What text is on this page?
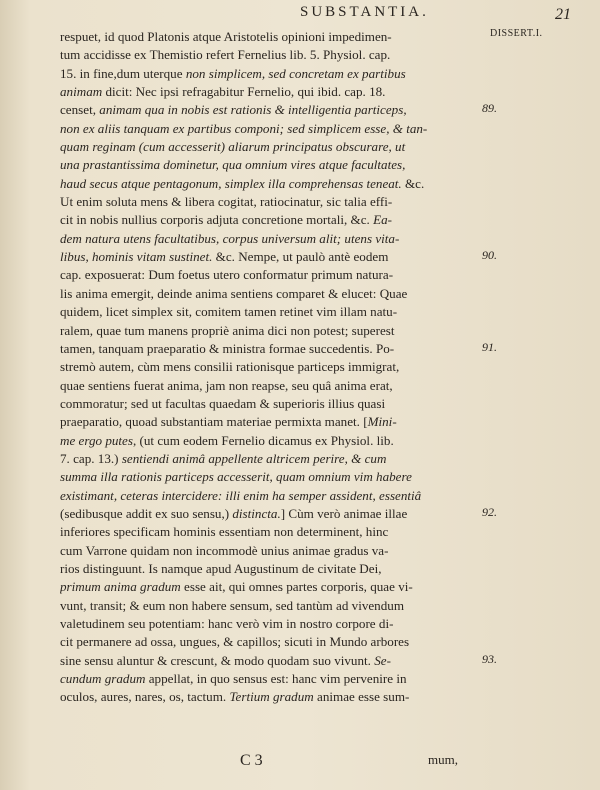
SUBSTANTIA.	21
DISSERT.I.
respuet, id quod Platonis atque Aristotelis opinioni impedimen-
tum accidisse ex Themistio refert Fernelius lib. 5. Physiol. cap.
15. in fine,dum uterque non simplicem, sed concretam ex partibus
animam dicit: Nec ipsi refragabitur Fernelio, qui ibid. cap. 18.
censet, animam qua in nobis est rationis & intelligentia particeps,
non ex aliis tanquam ex partibus componi; sed simplicem esse, & tan-
quam reginam (cum accesserit) aliarum principatus obscurare, ut
una prastantissima dominetur, qua omnium vires atque facultates,
haud secus atque pentagonum, simplex illa comprehensas teneat. &c.
Ut enim soluta mens & libera cogitat, ratiocinatur, sic talia effi-
cit in nobis nullius corporis adjuta concretione mortali, &c. Ea-
dem natura utens facultatibus, corpus universum alit; utens vita-
libus, hominis vitam sustinet. &c. Nempe, ut paulò antè eodem
cap. exposuerat: Dum foetus utero conformatur primum natura-
lis anima emergit, deinde anima sentiens comparet & elucet: Quae
quidem, licet simplex sit, comitem tamen retinet vim illam natu-
ralem, quae tum manens propriè anima dici non potest; superest
tamen, tanquam praeparatio & ministra formae succedentis. Po-
stremò autem, cùm mens consilii rationisque particeps immigrat,
quae sentiens fuerat anima, jam non reapse, seu quâ anima erat,
commoratur; sed ut facultas quaedam & superioris illius quasi
praeparatio, quoad substantiam materiae permixta manet. [Mini-
me ergo putes, (ut cum eodem Fernelio dicamus ex Physiol. lib.
7. cap. 13.) sentiendi animâ appellente altricem perire, & cum
summa illa rationis particeps accesserit, quam omnium vim habere
existimant, ceteras intercidere: illi enim ha semper assident, essentiâ
(sedibusque addit ex suo sensu,) distincta.] Cùm verò animae illae
inferiores specificam hominis essentiam non determinent, hinc
cum Varrone quidam non incommodè unius animae gradus va-
rios distinguunt. Is namque apud Augustinum de civitate Dei,
primum anima gradum esse ait, qui omnes partes corporis, quae vi-
vunt, transit; & eum non habere sensum, sed tantùm ad vivendum
valetudinem seu potentiam: hanc verò vim in nostro corpore di-
cit permanere ad ossa, ungues, & capillos; sicuti in Mundo arbores
sine sensu aluntur & crescunt, & modo quodam suo vivunt. Se-
cundum gradum appellat, in quo sensus est: hanc vim pervenire in
oculos, aures, nares, os, tactum. Tertium gradum animae esse sum-
89.
90.
91.
92.
93.
C 3	mum,
